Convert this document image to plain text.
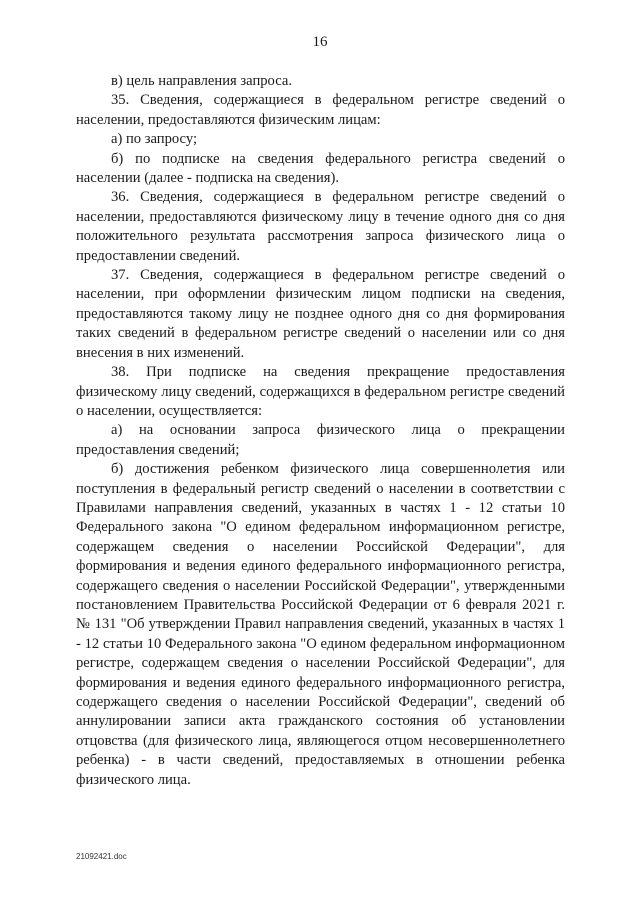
16

в) цель направления запроса.

35. Сведения, содержащиеся в федеральном регистре сведений о населении, предоставляются физическим лицам:

а) по запросу;

б) по подписке на сведения федерального регистра сведений о населении (далее - подписка на сведения).

36. Сведения, содержащиеся в федеральном регистре сведений о населении, предоставляются физическому лицу в течение одного дня со дня положительного результата рассмотрения запроса физического лица о предоставлении сведений.

37. Сведения, содержащиеся в федеральном регистре сведений о населении, при оформлении физическим лицом подписки на сведения, предоставляются такому лицу не позднее одного дня со дня формирования таких сведений в федеральном регистре сведений о населении или со дня внесения в них изменений.

38. При подписке на сведения прекращение предоставления физическому лицу сведений, содержащихся в федеральном регистре сведений о населении, осуществляется:

а) на основании запроса физического лица о прекращении предоставления сведений;

б) достижения ребенком физического лица совершеннолетия или поступления в федеральный регистр сведений о населении в соответствии с Правилами направления сведений, указанных в частях 1 - 12 статьи 10 Федерального закона "О едином федеральном информационном регистре, содержащем сведения о населении Российской Федерации", для формирования и ведения единого федерального информационного регистра, содержащего сведения о населении Российской Федерации", утвержденными постановлением Правительства Российской Федерации от 6 февраля 2021 г. № 131 "Об утверждении Правил направления сведений, указанных в частях 1 - 12 статьи 10 Федерального закона "О едином федеральном информационном регистре, содержащем сведения о населении Российской Федерации", для формирования и ведения единого федерального информационного регистра, содержащего сведения о населении Российской Федерации", сведений об аннулировании записи акта гражданского состояния об установлении отцовства (для физического лица, являющегося отцом несовершеннолетнего ребенка) - в части сведений, предоставляемых в отношении ребенка физического лица.

21092421.doc
